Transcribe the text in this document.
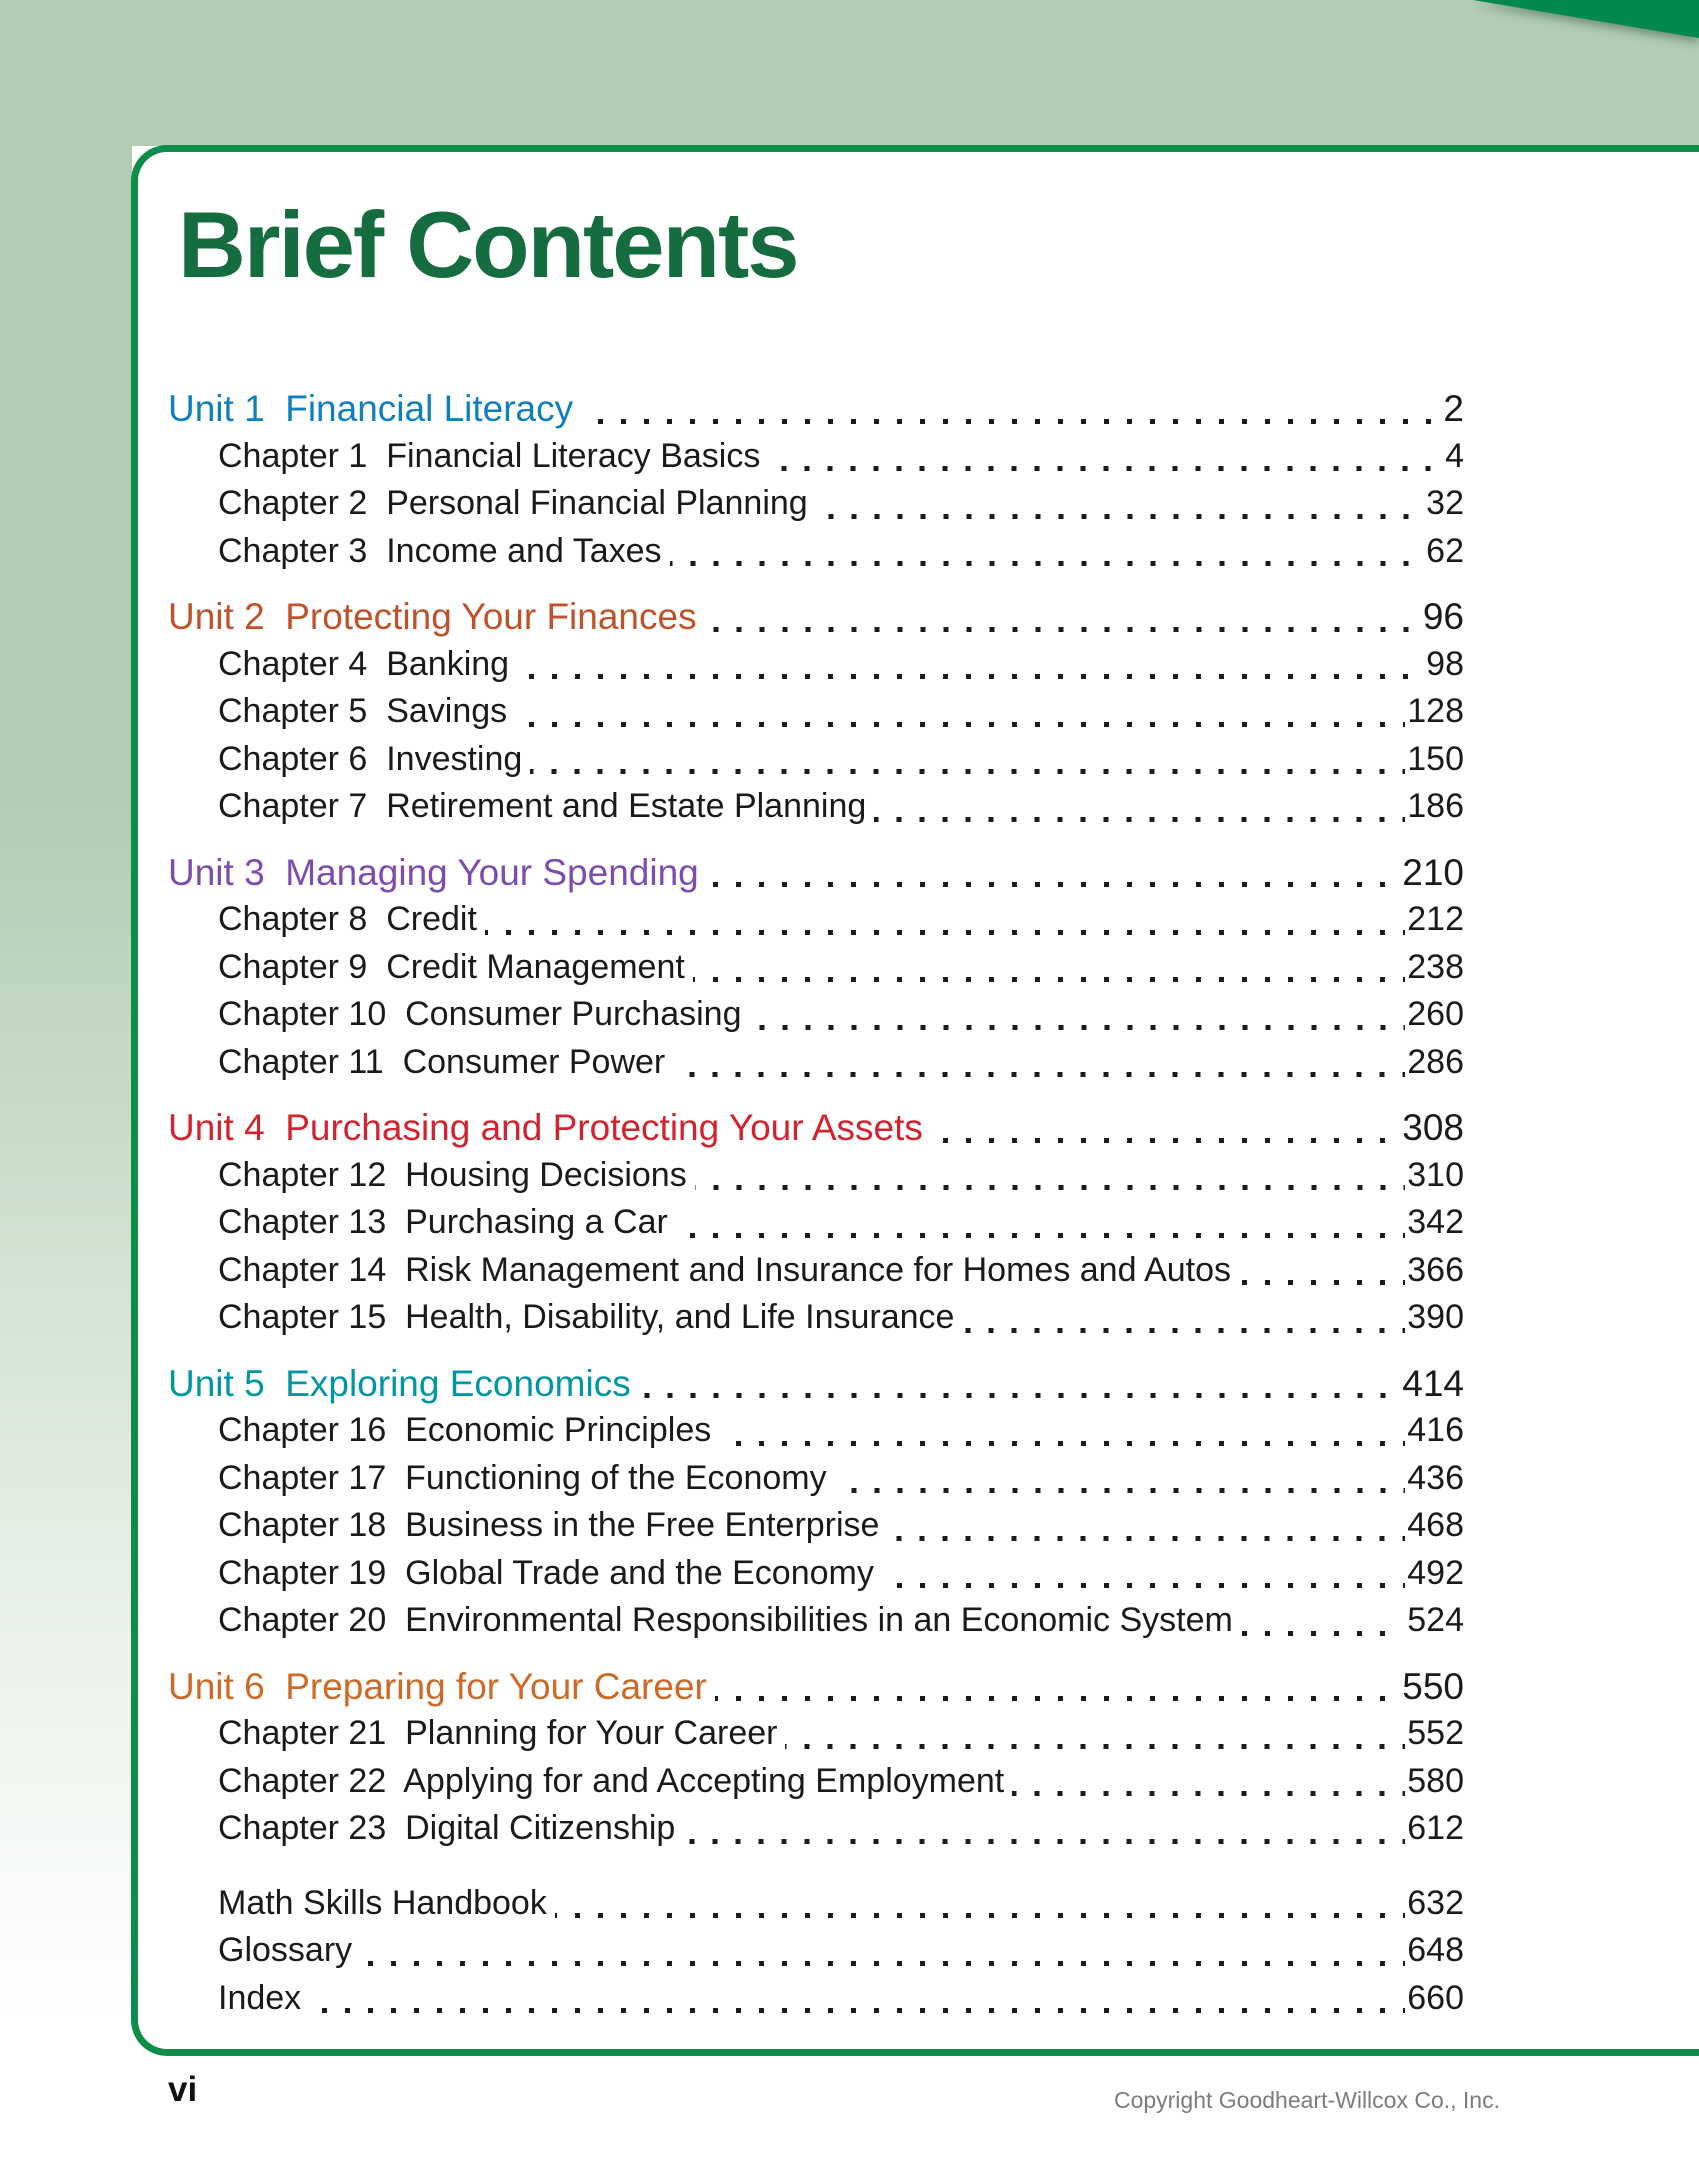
Brief Contents
Unit 1  Financial Literacy	2
Chapter 1  Financial Literacy Basics	4
Chapter 2  Personal Financial Planning	32
Chapter 3  Income and Taxes	62
Unit 2  Protecting Your Finances	96
Chapter 4  Banking	98
Chapter 5  Savings	128
Chapter 6  Investing	150
Chapter 7  Retirement and Estate Planning	186
Unit 3  Managing Your Spending	210
Chapter 8  Credit	212
Chapter 9  Credit Management	238
Chapter 10  Consumer Purchasing	260
Chapter 11  Consumer Power	286
Unit 4  Purchasing and Protecting Your Assets	308
Chapter 12  Housing Decisions	310
Chapter 13  Purchasing a Car	342
Chapter 14  Risk Management and Insurance for Homes and Autos	366
Chapter 15  Health, Disability, and Life Insurance	390
Unit 5  Exploring Economics	414
Chapter 16  Economic Principles	416
Chapter 17  Functioning of the Economy	436
Chapter 18  Business in the Free Enterprise	468
Chapter 19  Global Trade and the Economy	492
Chapter 20  Environmental Responsibilities in an Economic System	524
Unit 6  Preparing for Your Career	550
Chapter 21  Planning for Your Career	552
Chapter 22  Applying for and Accepting Employment	580
Chapter 23  Digital Citizenship	612
Math Skills Handbook	632
Glossary	648
Index	660
vi	Copyright Goodheart-Willcox Co., Inc.
